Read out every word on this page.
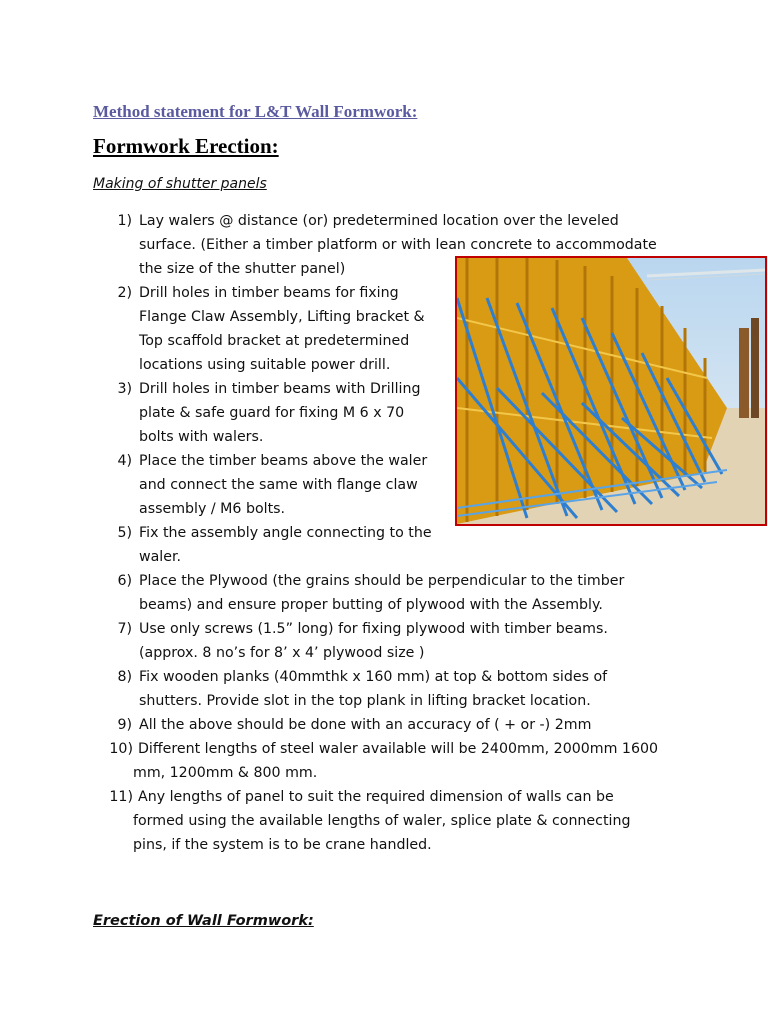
Method statement for L&T Wall Formwork:
Formwork Erection:
Making of shutter panels
1) Lay walers @ distance (or) predetermined location over the leveled
surface. (Either a timber platform or with lean concrete to accommodate
the size of the shutter panel)
2) Drill holes in timber beams for fixing
Flange Claw Assembly, Lifting bracket &
Top scaffold bracket at predetermined
locations using suitable power drill.
3) Drill holes in timber beams with Drilling
plate & safe guard for fixing M 6 x 70
bolts with walers.
4) Place the timber beams above the waler
and connect the same with flange claw
assembly / M6 bolts.
5) Fix the assembly angle connecting to the
waler.
6) Place the Plywood (the grains should be perpendicular to the timber
beams) and ensure proper butting of plywood with the Assembly.
7) Use only screws (1.5” long) for fixing plywood with timber beams.
(approx. 8 no’s for 8’ x 4’ plywood size )
8) Fix wooden planks (40mmthk x 160 mm) at top & bottom sides of
shutters. Provide slot in the top plank in lifting bracket location.
9) All the above should be done with an accuracy of ( + or -) 2mm
10) Different lengths of steel waler available will be 2400mm, 2000mm 1600
mm, 1200mm & 800 mm.
11) Any lengths of panel to suit the required dimension of walls can be
formed using the available lengths of waler, splice plate & connecting
pins, if the system is to be crane handled.
Erection of Wall Formwork:
